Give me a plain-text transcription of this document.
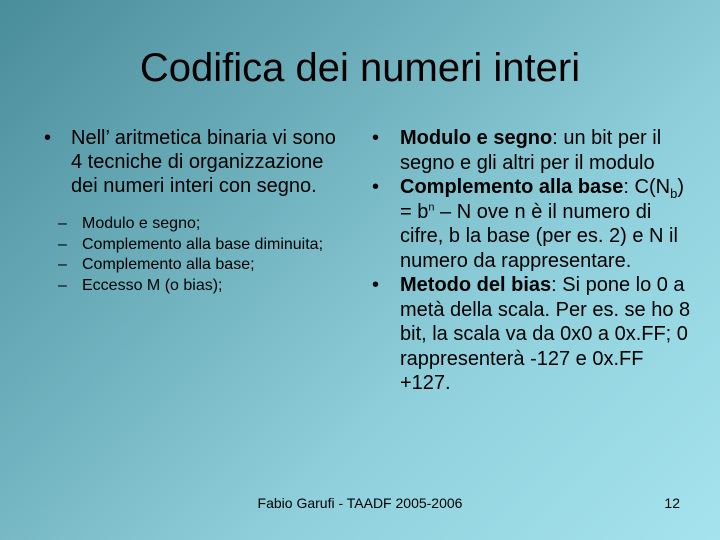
Codifica dei numeri interi
• Nell’ aritmetica binaria vi sono 4 tecniche di organizzazione dei numeri interi con segno.
– Modulo e segno;
– Complemento alla base diminuita;
– Complemento alla base;
– Eccesso M (o bias);
•	Modulo e segno: un bit per il segno e gli altri per il modulo
•	Complemento alla base: $C(N_b) = b^n - N$ ove n è il numero di cifre, b la base (per es. 2) e N il numero da rappresentare.
•	Metodo del bias: Si pone lo 0 a metà della scala. Per es. se ho 8 bit, la scala va da 0x0 a 0x.FF; 0 rappresenterà -127 e 0x.FF +127.
Fabio Garufi - TAADF 2005-2006	12
